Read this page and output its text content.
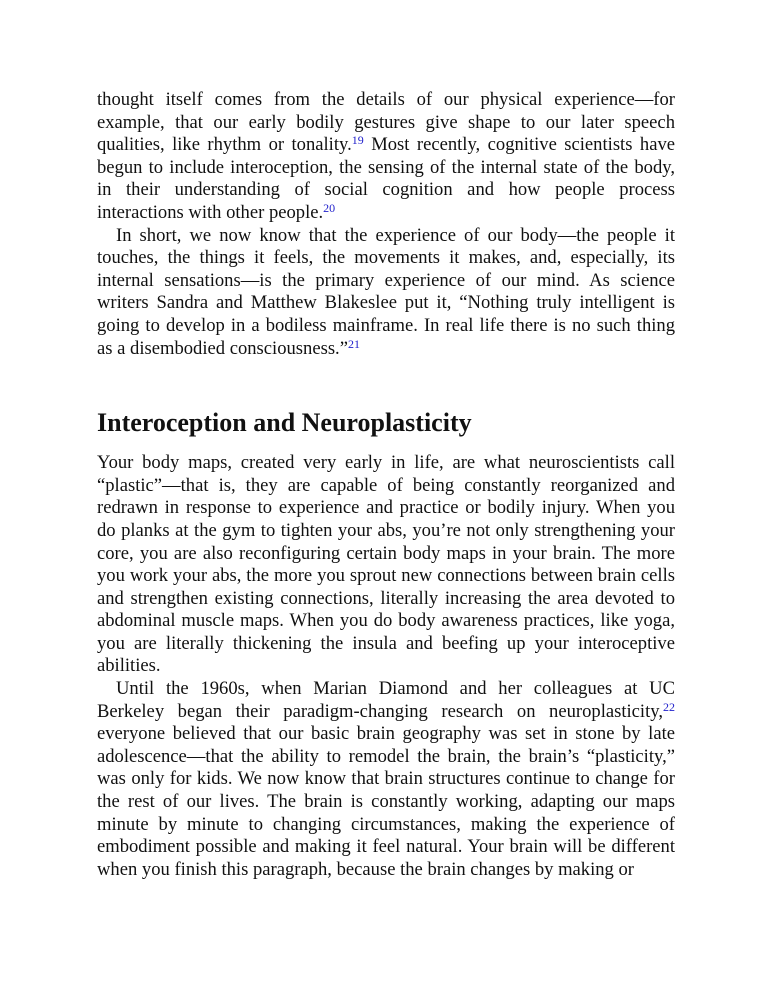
thought itself comes from the details of our physical experience—for example, that our early bodily gestures give shape to our later speech qualities, like rhythm or tonality.$^{19}$ Most recently, cognitive scientists have begun to include interoception, the sensing of the internal state of the body, in their understanding of social cognition and how people process interactions with other people.$^{20}$

In short, we now know that the experience of our body—the people it touches, the things it feels, the movements it makes, and, especially, its internal sensations—is the primary experience of our mind. As science writers Sandra and Matthew Blakeslee put it, “Nothing truly intelligent is going to develop in a bodiless mainframe. In real life there is no such thing as a disembodied consciousness.”$^{21}$

Interoception and Neuroplasticity

Your body maps, created very early in life, are what neuroscientists call “plastic”—that is, they are capable of being constantly reorganized and redrawn in response to experience and practice or bodily injury. When you do planks at the gym to tighten your abs, you’re not only strengthening your core, you are also reconfiguring certain body maps in your brain. The more you work your abs, the more you sprout new connections between brain cells and strengthen existing connections, literally increasing the area devoted to abdominal muscle maps. When you do body awareness practices, like yoga, you are literally thickening the insula and beefing up your interoceptive abilities.

Until the 1960s, when Marian Diamond and her colleagues at UC Berkeley began their paradigm-changing research on neuroplasticity,$^{22}$ everyone believed that our basic brain geography was set in stone by late adolescence—that the ability to remodel the brain, the brain’s “plasticity,” was only for kids. We now know that brain structures continue to change for the rest of our lives. The brain is constantly working, adapting our maps minute by minute to changing circumstances, making the experience of embodiment possible and making it feel natural. Your brain will be different when you finish this paragraph, because the brain changes by making or
